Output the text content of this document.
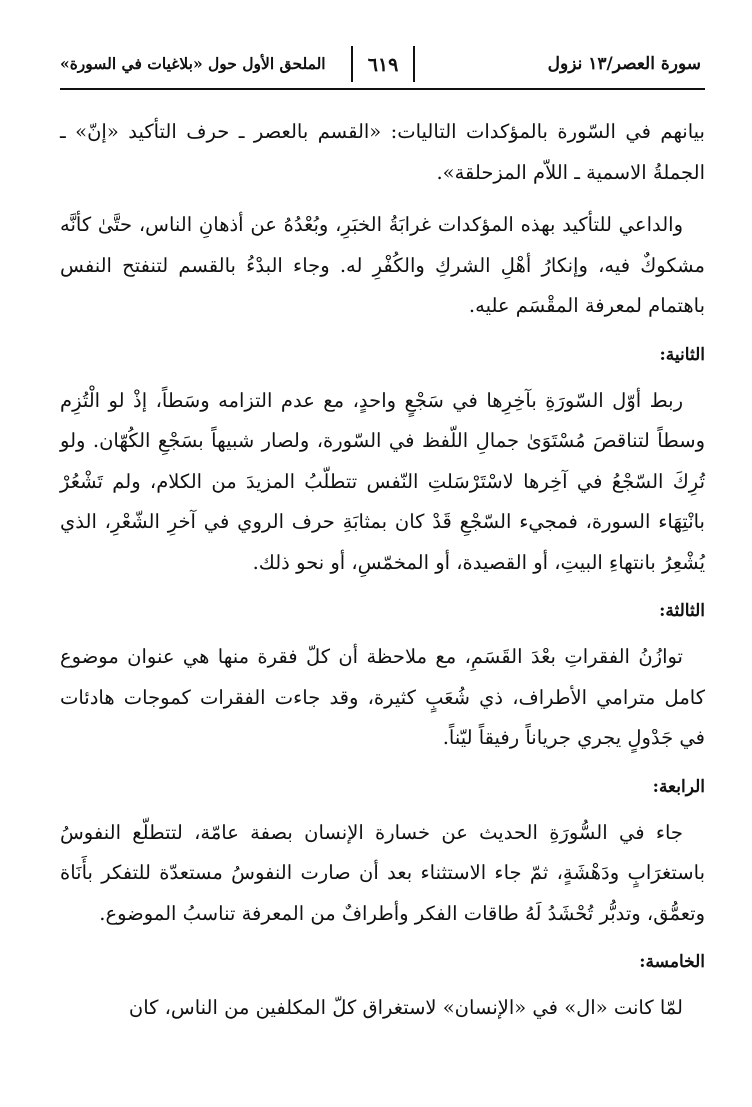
سورة العصر/١٣ نزول
٦١٩
الملحق الأول حول «بلاغيات في السورة»

بيانهم في السّورة بالمؤكدات التاليات: «القسم بالعصر ـ حرف التأكيد «إنّ» ـ الجملةُ الاسمية ـ اللاّم المزحلقة».

والداعي للتأكيد بهذه المؤكدات غرابَةُ الخبَرِ، وبُعْدُهُ عن أذهانِ الناس، حتَّىٰ كأنَّه مشكوكٌ فيه، وإنكارُ أهْلِ الشركِ والكُفْرِ له. وجاء البدْءُ بالقسم لتنفتح النفس باهتمام لمعرفة المقْسَم عليه.

الثانية:

ربط أوّل السّورَةِ بآخِرِها في سَجْعٍ واحدٍ، مع عدم التزامه وسَطاً، إذْ لو الْتُزِم وسطاً لتناقصَ مُسْتَوَىٰ جمالِ اللّفظ في السّورة، ولصار شبيهاً بسَجْعِ الكُهّان. ولو تُرِكَ السّجْعُ في آخِرها لاسْتَرْسَلتِ النّفس تتطلّبُ المزيدَ من الكلام، ولم تَشْعُرْ بانْتِهَاء السورة، فمجيء السّجْعِ قَدْ كان بمثابَةِ حرف الروي في آخرِ الشّعْرِ، الذي يُشْعِرُ بانتهاءِ البيتِ، أو القصيدة، أو المخمّسِ، أو نحو ذلك.

الثالثة:

توازُنُ الفقراتِ بعْدَ القَسَمِ، مع ملاحظة أن كلّ فقرة منها هي عنوان موضوع كامل مترامي الأطراف، ذي شُعَبٍ كثيرة، وقد جاءت الفقرات كموجات هادئات في جَدْولٍ يجري جرياناً رفيقاً ليّناً.

الرابعة:

جاء في السُّورَةِ الحديث عن خسارة الإنسان بصفة عامّة، لتتطلّع النفوسُ باستغرَابٍ ودَهْشَةٍ، ثمّ جاء الاستثناء بعد أن صارت النفوسُ مستعدّة للتفكر بأَنَاة وتعمُّق، وتدبُّر تُحْشَدُ لَهُ طاقات الفكر وأطرافٌ من المعرفة تناسبُ الموضوع.

الخامسة:

لمّا كانت «ال» في «الإنسان» لاستغراق كلّ المكلفين من الناس، كان
